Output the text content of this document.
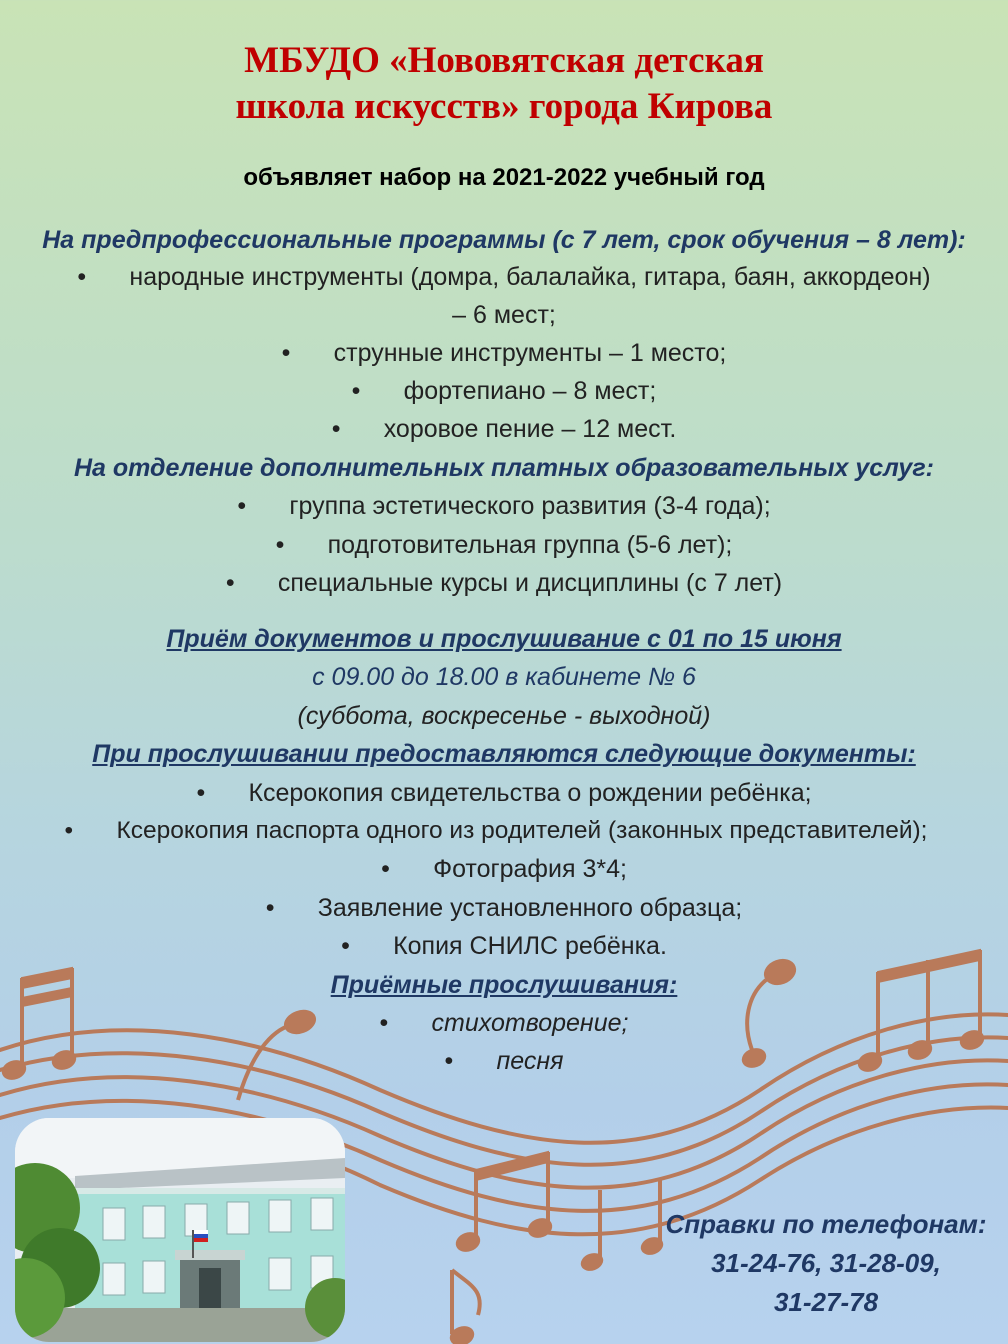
МБУДО «Нововятская детская
школа искусств» города Кирова
объявляет набор на 2021-2022 учебный год
На предпрофессиональные программы (с 7 лет, срок обучения – 8 лет):
• народные инструменты (домра, балалайка, гитара, баян, аккордеон)
– 6 мест;
• струнные инструменты – 1 место;
• фортепиано – 8 мест;
• хоровое пение – 12 мест.
На отделение дополнительных платных образовательных услуг:
• группа эстетического развития (3-4 года);
• подготовительная группа (5-6 лет);
• специальные курсы и дисциплины (с 7 лет)
Приём документов и прослушивание с 01 по 15 июня
с 09.00 до 18.00 в кабинете № 6
(суббота, воскресенье - выходной)
При прослушивании предоставляются следующие документы:
• Ксерокопия свидетельства о рождении ребёнка;
• Ксерокопия паспорта одного из родителей (законных представителей);
• Фотография 3*4;
• Заявление установленного образца;
• Копия СНИЛС ребёнка.
Приёмные прослушивания:
• стихотворение;
• песня
Справки по телефонам:
31-24-76, 31-28-09,
31-27-78
